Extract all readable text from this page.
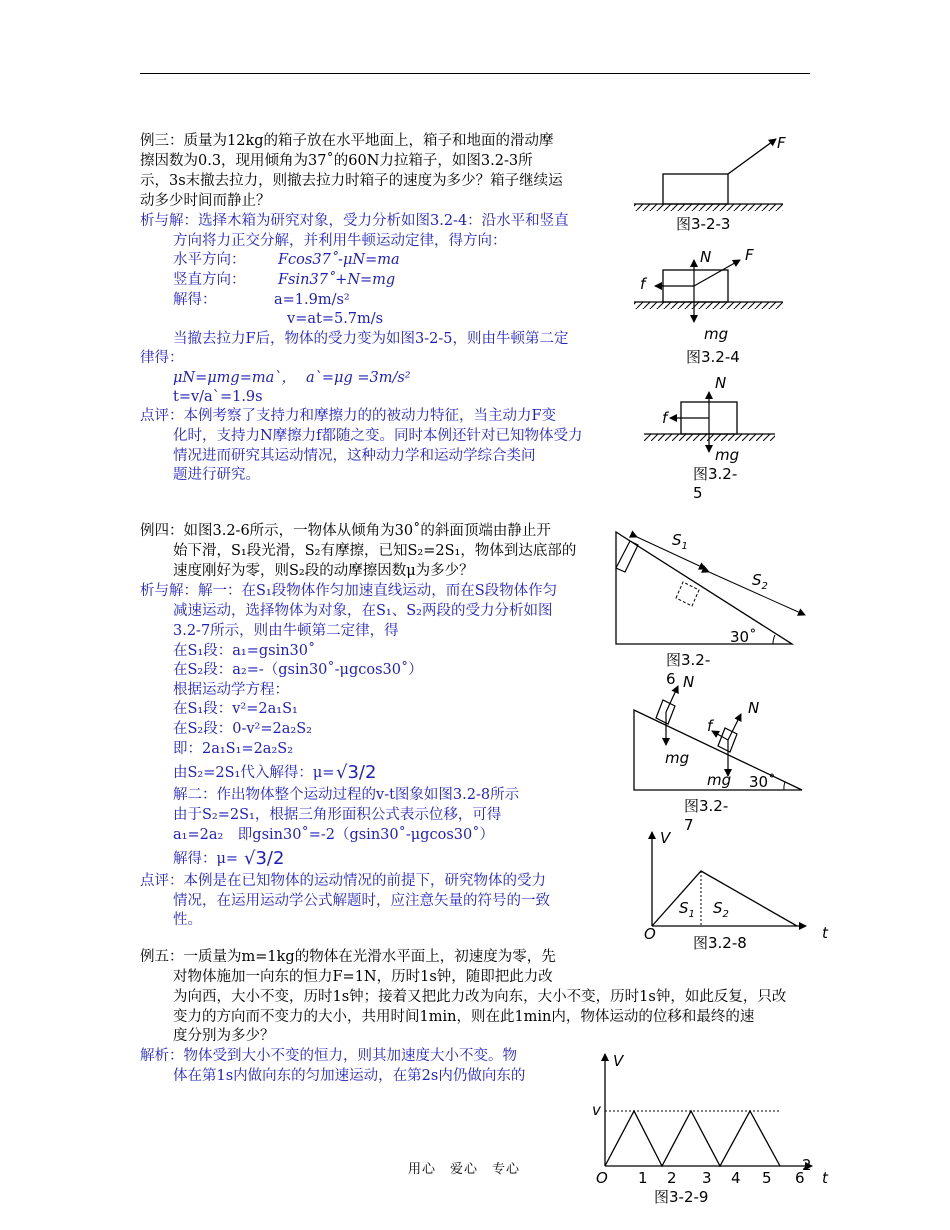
例三：质量为12kg的箱子放在水平地面上，箱子和地面的滑动摩
擦因数为0.3，现用倾角为37˚的60N力拉箱子，如图3.2-3所
示，3s末撤去拉力，则撤去拉力时箱子的速度为多少？箱子继续运
动多少时间而静止？
析与解：选择木箱为研究对象，受力分析如图3.2-4：沿水平和竖直
方向将力正交分解，并利用牛顿运动定律，得方向：
水平方向： Fcos37˚-μN=ma
竖直方向： Fsin37˚+N=mg
解得：	a=1.9m/s²
v=at=5.7m/s
当撤去拉力F后，物体的受力变为如图3-2-5，则由牛顿第二定
律得：
μN=μmg=ma`， a`=μg =3m/s²
t=v/a`=1.9s
点评：本例考察了支持力和摩擦力的的被动力特征，当主动力F变
化时，支持力N摩擦力f都随之变。同时本例还针对已知物体受力
情况进而研究其运动情况，这种动力学和运动学综合类问
题进行研究。
例四：如图3.2-6所示，一物体从倾角为30˚的斜面顶端由静止开
始下滑，S₁段光滑，S₂有摩擦，已知S₂=2S₁，物体到达底部的
速度刚好为零，则S₂段的动摩擦因数μ为多少？
析与解：解一：在S₁段物体作匀加速直线运动，而在S段物体作匀
减速运动，选择物体为对象，在S₁、S₂两段的受力分析如图
3.2-7所示，则由牛顿第二定律，得
在S₁段：a₁=gsin30˚
在S₂段：a₂=-（gsin30˚-μgcos30˚）
根据运动学方程：
在S₁段：v²=2a₁S₁
在S₂段：0-v²=2a₂S₂
即：2a₁S₁=2a₂S₂
由S₂=2S₁代入解得：μ= √3/2
解二：作出物体整个运动过程的v-t图象如图3.2-8所示
由于S₂=2S₁，根据三角形面积公式表示位移，可得
a₁=2a₂　即gsin30˚=-2（gsin30˚-μgcos30˚）
解得：μ= √3/2
点评：本例是在已知物体的运动情况的前提下，研究物体的受力
情况，在运用运动学公式解题时，应注意矢量的符号的一致
性。
例五：一质量为m=1kg的物体在光滑水平面上，初速度为零，先
对物体施加一向东的恒力F=1N，历时1s钟，随即把此力改
为向西，大小不变，历时1s钟；接着又把此力改为向东，大小不变，历时1s钟，如此反复，只改
变力的方向而不变力的大小，共用时间1min，则在此1min内，物体运动的位移和最终的速
度分别为多少？
解析：物体受到大小不变的恒力，则其加速度大小不变。物
体在第1s内做向东的匀加速运动，在第2s内仍做向东的
F
N F
f
mg
图3.2-4
N
f
mg
$S_1$
$S_2$
30˚
图3.2-
6 N
N
f
mg
mg 30˚
图3.2-
7
V
t
O
$S_1$ $S_2$
图3.2-8
V
v
t
O 1 2 3 4 5 6
2
图3-2-3
图3.2-
5
图3-2-9
用心　爱心　专心
